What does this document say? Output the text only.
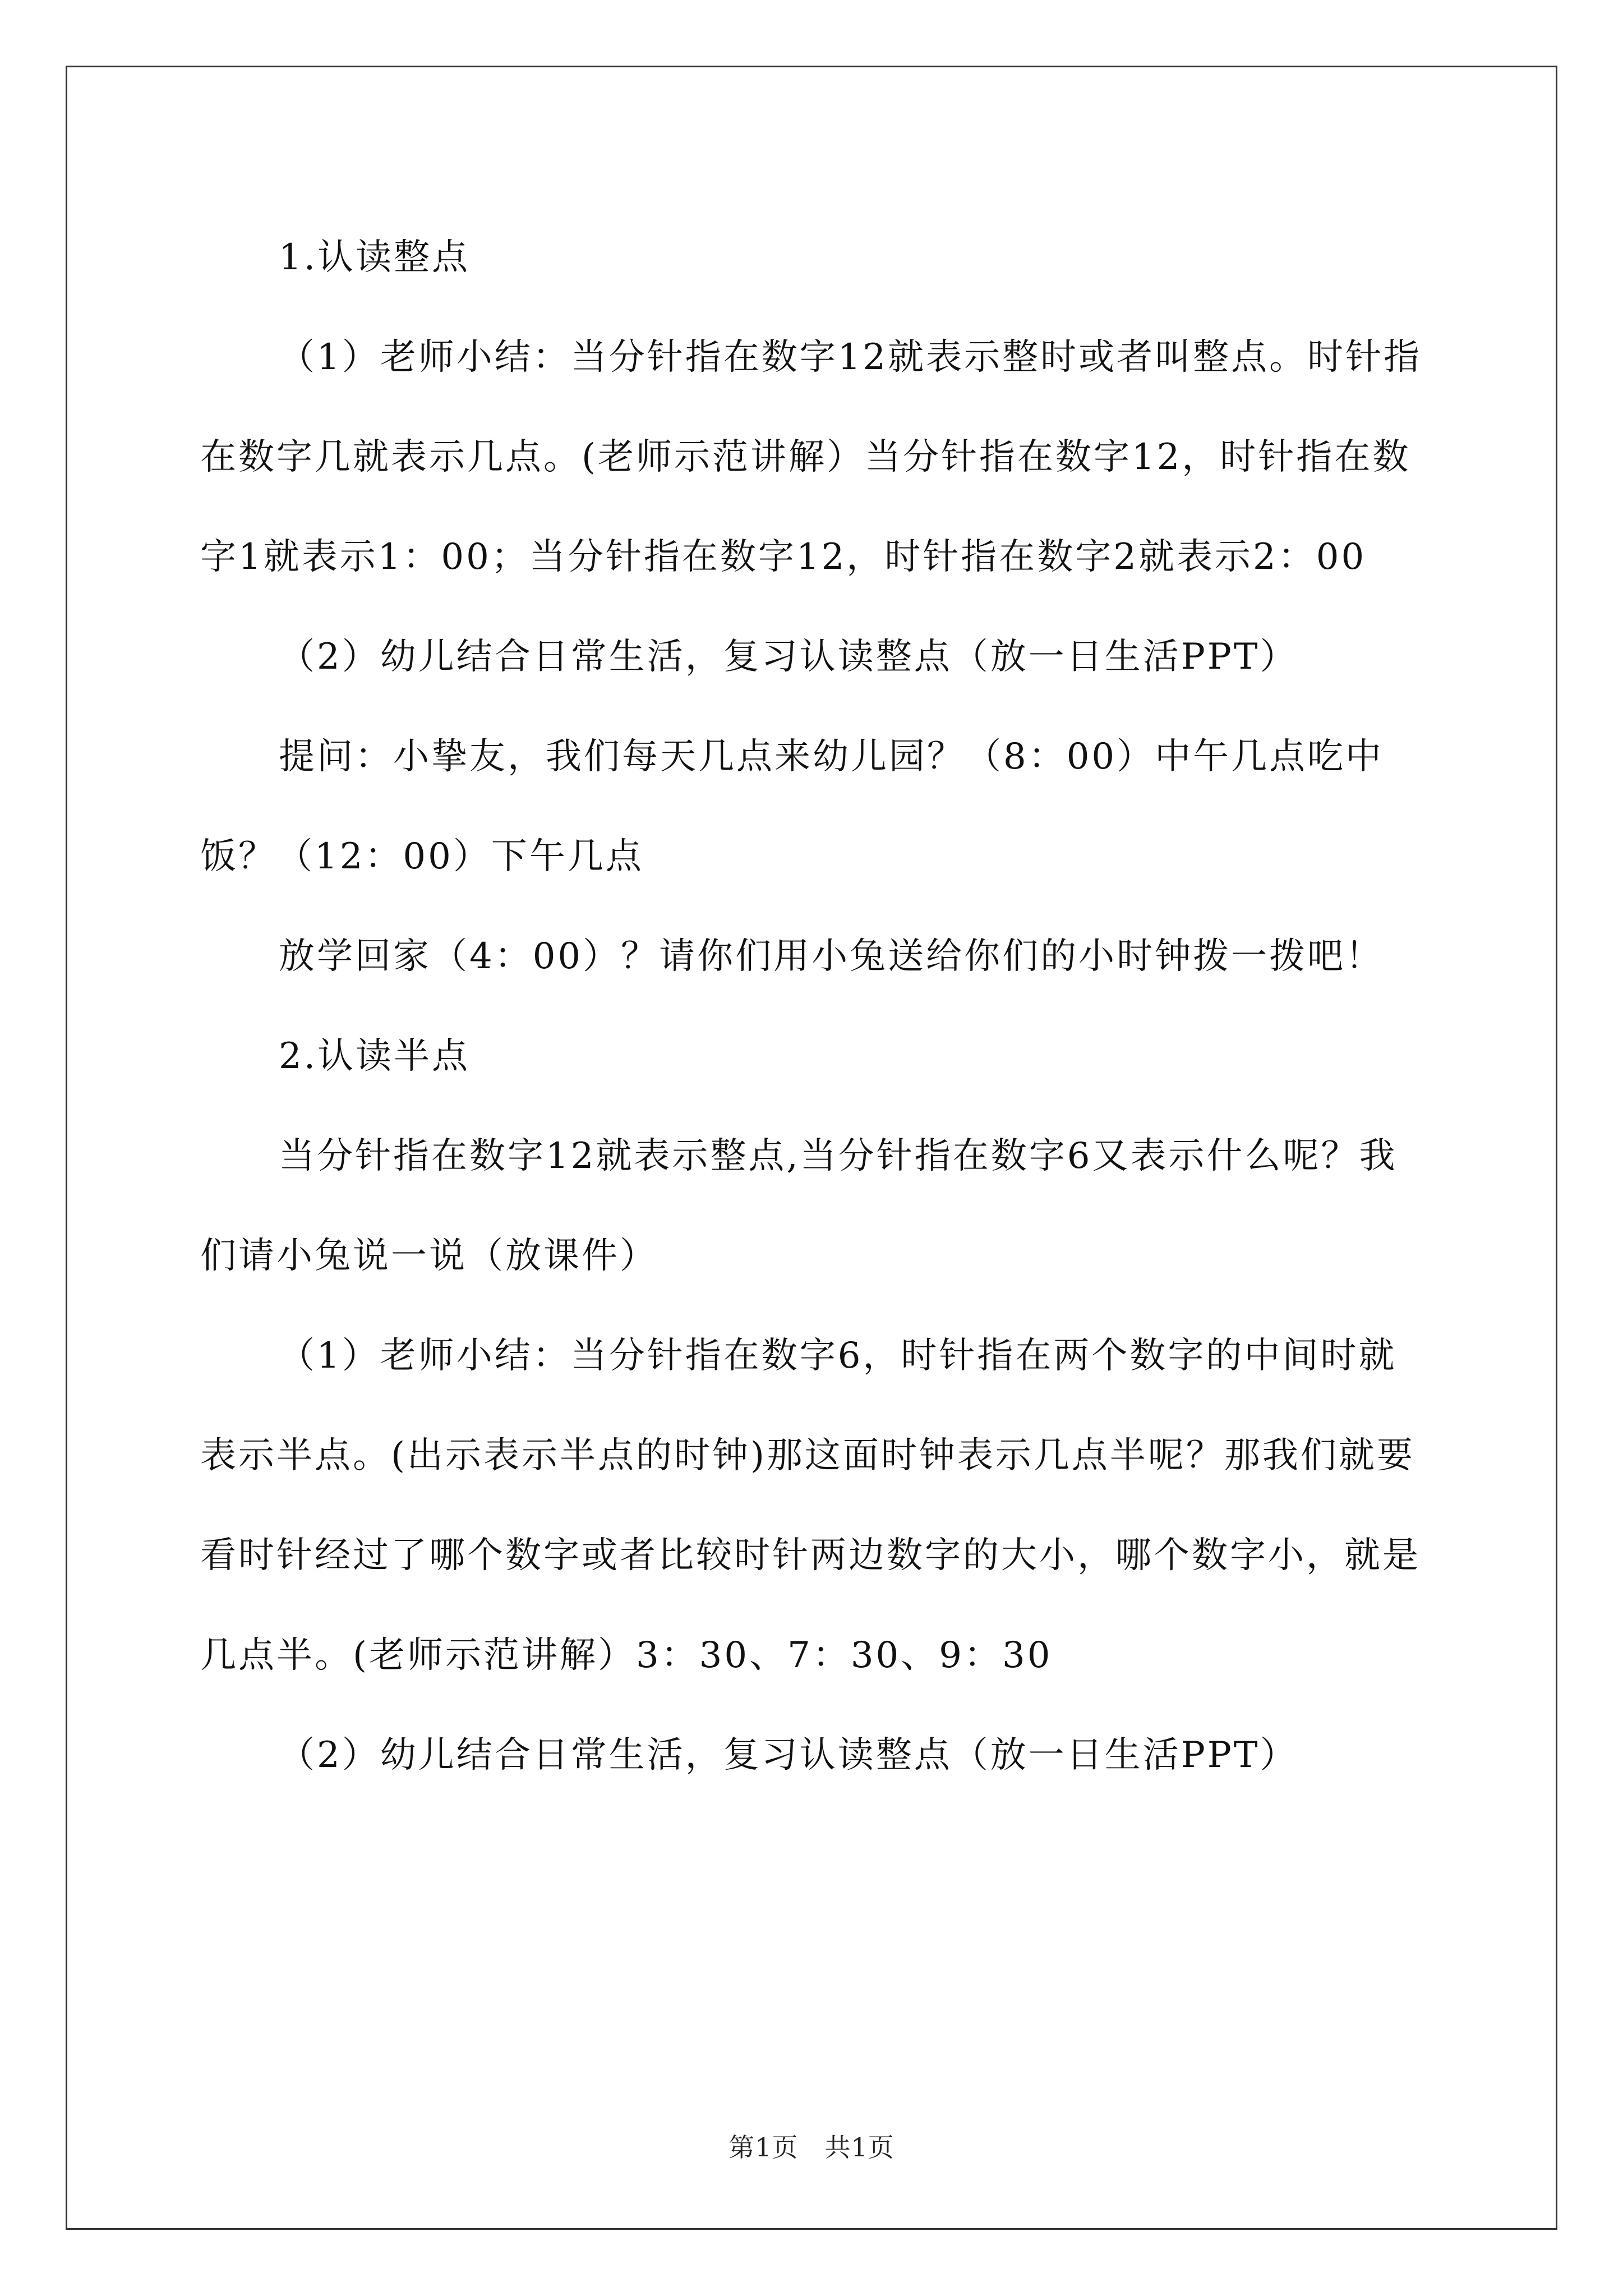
1.认读整点

（1）老师小结：当分针指在数字12就表示整时或者叫整点。时针指在数字几就表示几点。(老师示范讲解）当分针指在数字12，时针指在数字1就表示1：00；当分针指在数字12，时针指在数字2就表示2：00

（2）幼儿结合日常生活，复习认读整点（放一日生活PPT）

提问：小挚友，我们每天几点来幼儿园？（8：00）中午几点吃中饭？（12：00）下午几点

放学回家（4：00）？请你们用小兔送给你们的小时钟拨一拨吧！

2.认读半点

当分针指在数字12就表示整点,当分针指在数字6又表示什么呢？我们请小兔说一说（放课件）

（1）老师小结：当分针指在数字6，时针指在两个数字的中间时就表示半点。(出示表示半点的时钟)那这面时钟表示几点半呢？那我们就要看时针经过了哪个数字或者比较时针两边数字的大小，哪个数字小，就是几点半。(老师示范讲解）3：30、7：30、9：30

（2）幼儿结合日常生活，复习认读整点（放一日生活PPT）

第1页　共1页
